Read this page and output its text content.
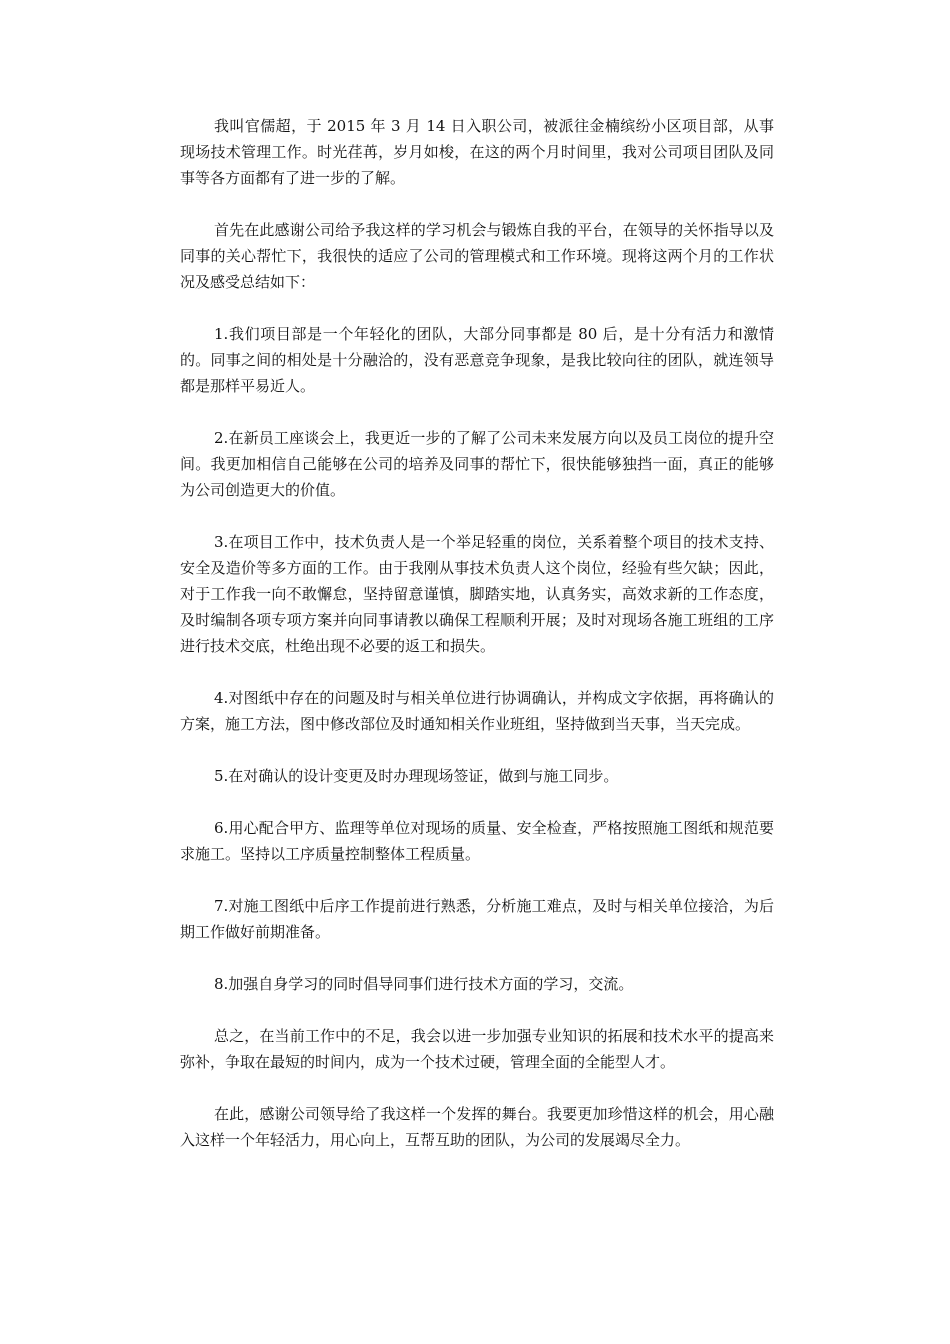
我叫官儒超，于 2015 年 3 月 14 日入职公司，被派往金楠缤纷小区项目部，从事现场技术管理工作。时光荏苒，岁月如梭，在这的两个月时间里，我对公司项目团队及同事等各方面都有了进一步的了解。

首先在此感谢公司给予我这样的学习机会与锻炼自我的平台，在领导的关怀指导以及同事的关心帮忙下，我很快的适应了公司的管理模式和工作环境。现将这两个月的工作状况及感受总结如下：

1.我们项目部是一个年轻化的团队，大部分同事都是 80 后，是十分有活力和激情的。同事之间的相处是十分融洽的，没有恶意竞争现象，是我比较向往的团队，就连领导都是那样平易近人。

2.在新员工座谈会上，我更近一步的了解了公司未来发展方向以及员工岗位的提升空间。我更加相信自己能够在公司的培养及同事的帮忙下，很快能够独挡一面，真正的能够为公司创造更大的价值。

3.在项目工作中，技术负责人是一个举足轻重的岗位，关系着整个项目的技术支持、安全及造价等多方面的工作。由于我刚从事技术负责人这个岗位，经验有些欠缺；因此，对于工作我一向不敢懈怠，坚持留意谨慎，脚踏实地，认真务实，高效求新的工作态度，及时编制各项专项方案并向同事请教以确保工程顺利开展；及时对现场各施工班组的工序进行技术交底，杜绝出现不必要的返工和损失。

4.对图纸中存在的问题及时与相关单位进行协调确认，并构成文字依据，再将确认的方案，施工方法，图中修改部位及时通知相关作业班组，坚持做到当天事，当天完成。

5.在对确认的设计变更及时办理现场签证，做到与施工同步。

6.用心配合甲方、监理等单位对现场的质量、安全检查，严格按照施工图纸和规范要求施工。坚持以工序质量控制整体工程质量。

7.对施工图纸中后序工作提前进行熟悉，分析施工难点，及时与相关单位接洽，为后期工作做好前期准备。

8.加强自身学习的同时倡导同事们进行技术方面的学习，交流。

总之，在当前工作中的不足，我会以进一步加强专业知识的拓展和技术水平的提高来弥补，争取在最短的时间内，成为一个技术过硬，管理全面的全能型人才。

在此，感谢公司领导给了我这样一个发挥的舞台。我要更加珍惜这样的机会，用心融入这样一个年轻活力，用心向上，互帮互助的团队，为公司的发展竭尽全力。
